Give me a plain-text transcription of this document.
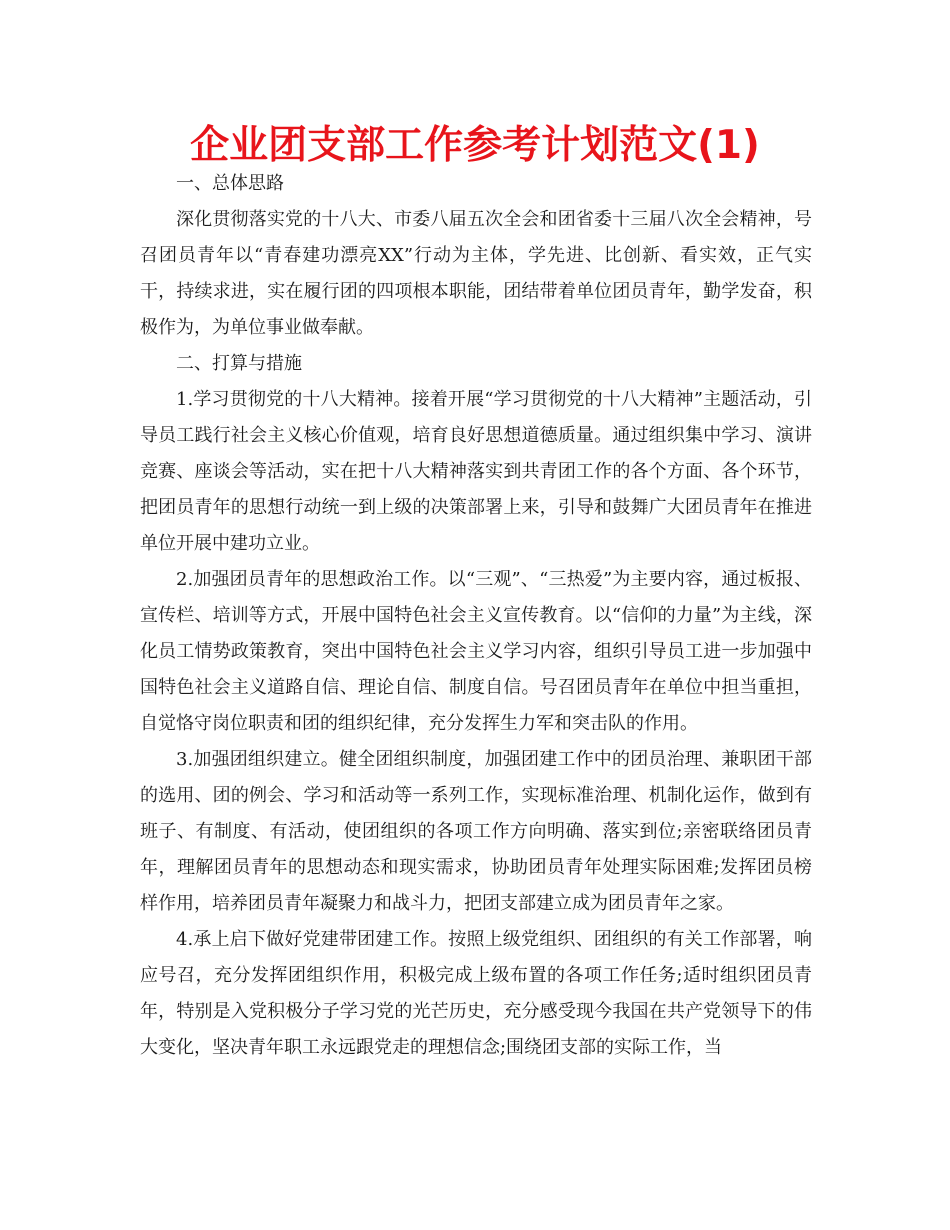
企业团支部工作参考计划范文(1)

一、总体思路

深化贯彻落实党的十八大、市委八届五次全会和团省委十三届八次全会精神，号召团员青年以“青春建功漂亮XX”行动为主体，学先进、比创新、看实效，正气实干，持续求进，实在履行团的四项根本职能，团结带着单位团员青年，勤学发奋，积极作为，为单位事业做奉献。

二、打算与措施

1.学习贯彻党的十八大精神。接着开展“学习贯彻党的十八大精神”主题活动，引导员工践行社会主义核心价值观，培育良好思想道德质量。通过组织集中学习、演讲竞赛、座谈会等活动，实在把十八大精神落实到共青团工作的各个方面、各个环节，把团员青年的思想行动统一到上级的决策部署上来，引导和鼓舞广大团员青年在推进单位开展中建功立业。

2.加强团员青年的思想政治工作。以“三观”、“三热爱”为主要内容，通过板报、宣传栏、培训等方式，开展中国特色社会主义宣传教育。以“信仰的力量”为主线，深化员工情势政策教育，突出中国特色社会主义学习内容，组织引导员工进一步加强中国特色社会主义道路自信、理论自信、制度自信。号召团员青年在单位中担当重担，自觉恪守岗位职责和团的组织纪律，充分发挥生力军和突击队的作用。

3.加强团组织建立。健全团组织制度，加强团建工作中的团员治理、兼职团干部的选用、团的例会、学习和活动等一系列工作，实现标准治理、机制化运作，做到有班子、有制度、有活动，使团组织的各项工作方向明确、落实到位;亲密联络团员青年，理解团员青年的思想动态和现实需求，协助团员青年处理实际困难;发挥团员榜样作用，培养团员青年凝聚力和战斗力，把团支部建立成为团员青年之家。

4.承上启下做好党建带团建工作。按照上级党组织、团组织的有关工作部署，响应号召，充分发挥团组织作用，积极完成上级布置的各项工作任务;适时组织团员青年，特别是入党积极分子学习党的光芒历史，充分感受现今我国在共产党领导下的伟大变化，坚决青年职工永远跟党走的理想信念;围绕团支部的实际工作，当
